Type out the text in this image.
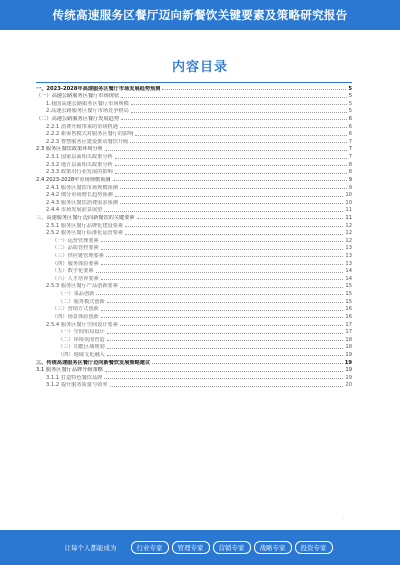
传统高速服务区餐厅迈向新餐饮关键要素及策略研究报告
内容目录
一、2023-2028年高速服务区餐厅市场发展趋势预测	5
（一）高速公路服务区餐厅市场现状	5
1.我国高速公路服务区餐厅市场规模	5
2.高速公路服务区餐厅市场竞争格局	5
（二）高速公路服务区餐厅发展趋势	6
2.2.1 消费升级带来的市场机遇	6
2.2.2 新零售模式对服务区餐厅的影响	6
2.2.3 智慧服务区建设推动餐饮升级	7
2.3 服务区餐饮政策环境分析	7
2.3.1 国家层面相关政策分析	7
2.3.2 地方层面相关政策分析	8
2.3.3 政策对行业发展的影响	8
2.4 2023-2028年市场规模预测	9
2.4.1 服务区餐饮市场规模预测	9
2.4.2 细分市场增长趋势预测	10
2.4.3 服务区餐饮消费需求预测	10
2.4.4 市场发展前景展望	11
三、高速服务区餐厅迈向新餐饮的关键要素	11
2.5.1 服务区餐厅品牌化建设要素	12
2.5.2 服务区餐厅标准化运营要素	12
（一）运营管理要素	12
（二）品质管控要素	13
（三）供应链管理要素	13
（四）服务体验要素	13
（五）数字化要素	14
（六）人才培养要素	14
2.5.3 服务区餐厅产品创新要素	15
（一）菜品创新	15
（二）服务模式创新	15
（三）营销方式创新	16
（四）场景体验创新	16
2.5.4 服务区餐厅空间设计要素	17
（一）空间布局设计	17
（二）环境氛围营造	18
（三）功能区域规划	18
（四）地域文化融入	19
三、传统高速服务区餐厅迈向新餐饮发展策略建议	19
3.1 服务区餐厅品牌升级策略	19
3.1.1 打造特色餐饮品牌	19
3.1.2 提升服务质量与效率	20
·
让每个人都能成为	行业专家	管理专家	营销专家	战略专家	投资专家
